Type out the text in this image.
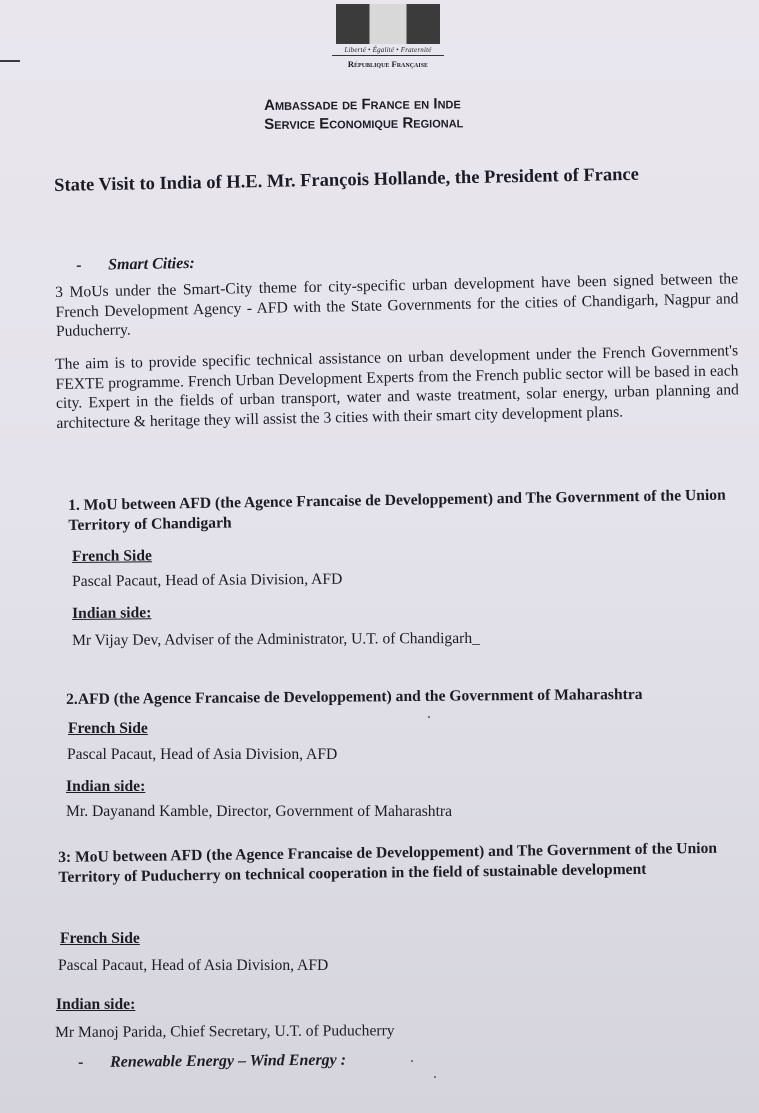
Liberté • Égalité • Fraternité
République Française
Ambassade de France en Inde
Service Economique Regional
State Visit to India of H.E. Mr. François Hollande, the President of France
- Smart Cities:
3 MoUs under the Smart-City theme for city-specific urban development have been signed between the French Development Agency - AFD with the State Governments for the cities of Chandigarh, Nagpur and Puducherry.
The aim is to provide specific technical assistance on urban development under the French Government's FEXTE programme. French Urban Development Experts from the French public sector will be based in each city. Expert in the fields of urban transport, water and waste treatment, solar energy, urban planning and architecture & heritage they will assist the 3 cities with their smart city development plans.
1. MoU between AFD (the Agence Francaise de Developpement) and The Government of the Union Territory of Chandigarh
French Side
Pascal Pacaut, Head of Asia Division, AFD
Indian side:
Mr Vijay Dev, Adviser of the Administrator, U.T. of Chandigarh_
2.AFD (the Agence Francaise de Developpement) and the Government of Maharashtra
French Side
Pascal Pacaut, Head of Asia Division, AFD
Indian side:
Mr. Dayanand Kamble, Director, Government of Maharashtra
3: MoU between AFD (the Agence Francaise de Developpement) and The Government of the Union Territory of Puducherry on technical cooperation in the field of sustainable development
French Side
Pascal Pacaut, Head of Asia Division, AFD
Indian side:
Mr Manoj Parida, Chief Secretary, U.T. of Puducherry
- Renewable Energy – Wind Energy :
